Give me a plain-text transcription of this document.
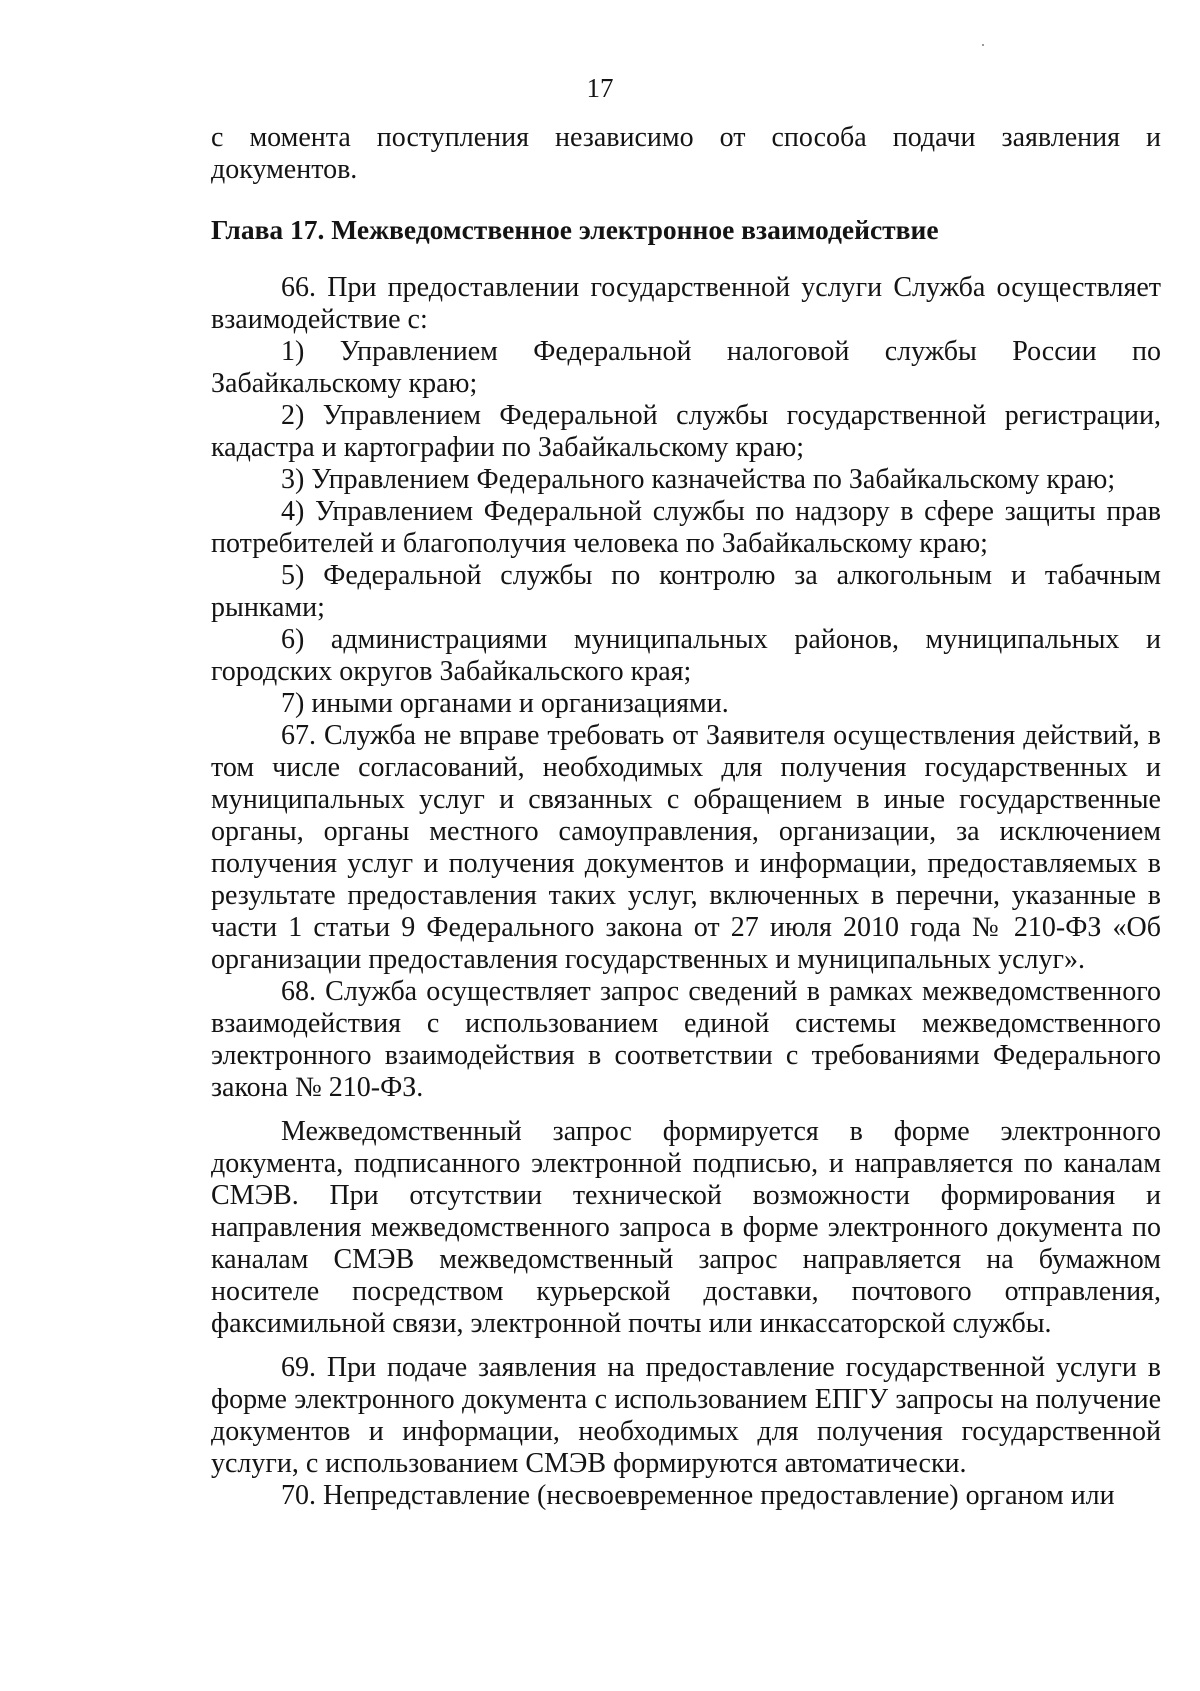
17

с момента поступления независимо от способа подачи заявления и документов.

Глава 17. Межведомственное электронное взаимодействие

66. При предоставлении государственной услуги Служба осуществляет взаимодействие с:

1) Управлением Федеральной налоговой службы России по Забайкальскому краю;

2) Управлением Федеральной службы государственной регистрации, кадастра и картографии по Забайкальскому краю;

3) Управлением Федерального казначейства по Забайкальскому краю;

4) Управлением Федеральной службы по надзору в сфере защиты прав потребителей и благополучия человека по Забайкальскому краю;

5) Федеральной службы по контролю за алкогольным и табачным рынками;

6) администрациями муниципальных районов, муниципальных и городских округов Забайкальского края;

7) иными органами и организациями.

67. Служба не вправе требовать от Заявителя осуществления действий, в том числе согласований, необходимых для получения государственных и муниципальных услуг и связанных с обращением в иные государственные органы, органы местного самоуправления, организации, за исключением получения услуг и получения документов и информации, предоставляемых в результате предоставления таких услуг, включенных в перечни, указанные в части 1 статьи 9 Федерального закона от 27 июля 2010 года № 210-ФЗ «Об организации предоставления государственных и муниципальных услуг».

68. Служба осуществляет запрос сведений в рамках межведомственного взаимодействия с использованием единой системы межведомственного электронного взаимодействия в соответствии с требованиями Федерального закона № 210-ФЗ.

Межведомственный запрос формируется в форме электронного документа, подписанного электронной подписью, и направляется по каналам СМЭВ. При отсутствии технической возможности формирования и направления межведомственного запроса в форме электронного документа по каналам СМЭВ межведомственный запрос направляется на бумажном носителе посредством курьерской доставки, почтового отправления, факсимильной связи, электронной почты или инкассаторской службы.

69. При подаче заявления на предоставление государственной услуги в форме электронного документа с использованием ЕПГУ запросы на получение документов и информации, необходимых для получения государственной услуги, с использованием СМЭВ формируются автоматически.

70. Непредставление (несвоевременное предоставление) органом или
